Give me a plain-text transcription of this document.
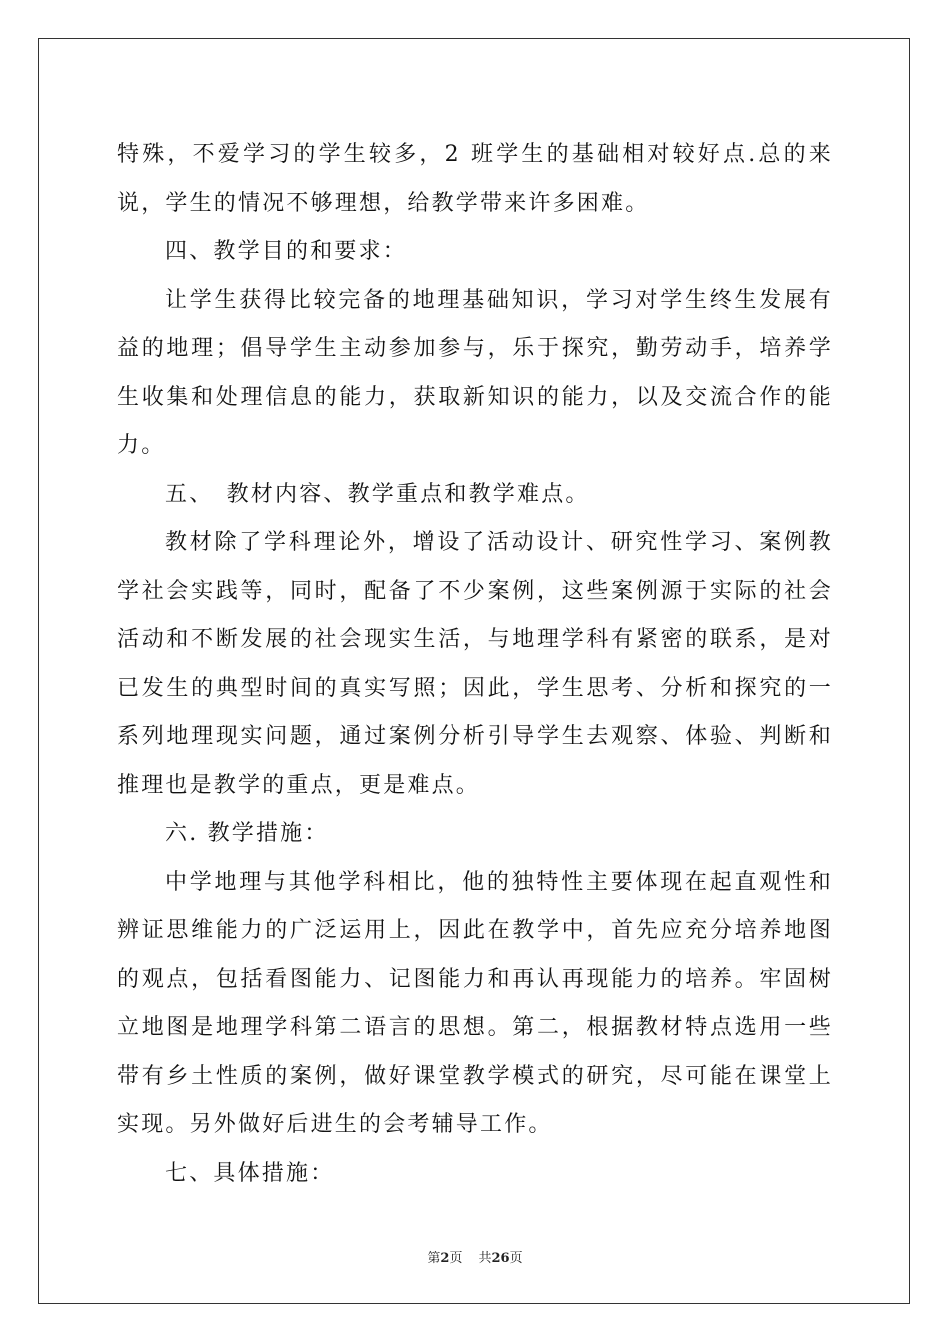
特殊，不爱学习的学生较多，2 班学生的基础相对较好点.总的来说，学生的情况不够理想，给教学带来许多困难。

四、教学目的和要求：

让学生获得比较完备的地理基础知识，学习对学生终生发展有益的地理；倡导学生主动参加参与，乐于探究，勤劳动手，培养学生收集和处理信息的能力，获取新知识的能力，以及交流合作的能力。

五、　教材内容、教学重点和教学难点。

教材除了学科理论外，增设了活动设计、研究性学习、案例教学社会实践等，同时，配备了不少案例，这些案例源于实际的社会活动和不断发展的社会现实生活，与地理学科有紧密的联系，是对已发生的典型时间的真实写照；因此，学生思考、分析和探究的一系列地理现实问题，通过案例分析引导学生去观察、体验、判断和推理也是教学的重点，更是难点。

六. 教学措施：

中学地理与其他学科相比，他的独特性主要体现在起直观性和辨证思维能力的广泛运用上，因此在教学中，首先应充分培养地图的观点，包括看图能力、记图能力和再认再现能力的培养。牢固树立地图是地理学科第二语言的思想。第二，根据教材特点选用一些带有乡土性质的案例，做好课堂教学模式的研究，尽可能在课堂上实现。另外做好后进生的会考辅导工作。

七、具体措施：

第2页 共26页
